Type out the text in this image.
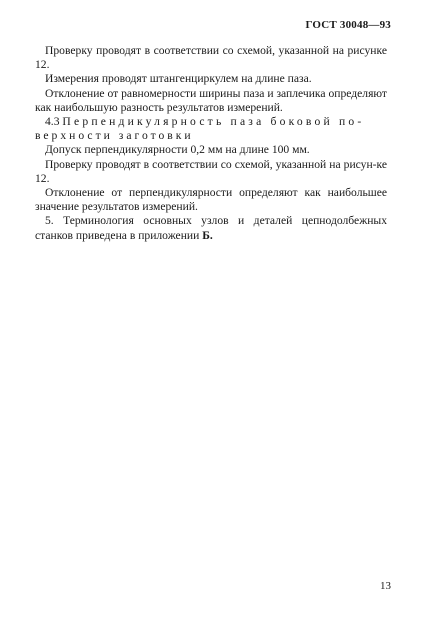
ГОСТ 30048—93

Проверку проводят в соответствии со схемой, указанной на рисунке 12.

Измерения проводят штангенциркулем на длине паза.

Отклонение от равномерности ширины паза и заплечика определяют как наибольшую разность результатов измерений.

4.3 Перпендикулярность паза боковой по-
верхности заготовки

Допуск перпендикулярности 0,2 мм на длине 100 мм.

Проверку проводят в соответствии со схемой, указанной на рисун-ке 12.

Отклонение от перпендикулярности определяют как наибольшее значение результатов измерений.

5. Терминология основных узлов и деталей цепнодолбежных станков приведена в приложении Б.

13
